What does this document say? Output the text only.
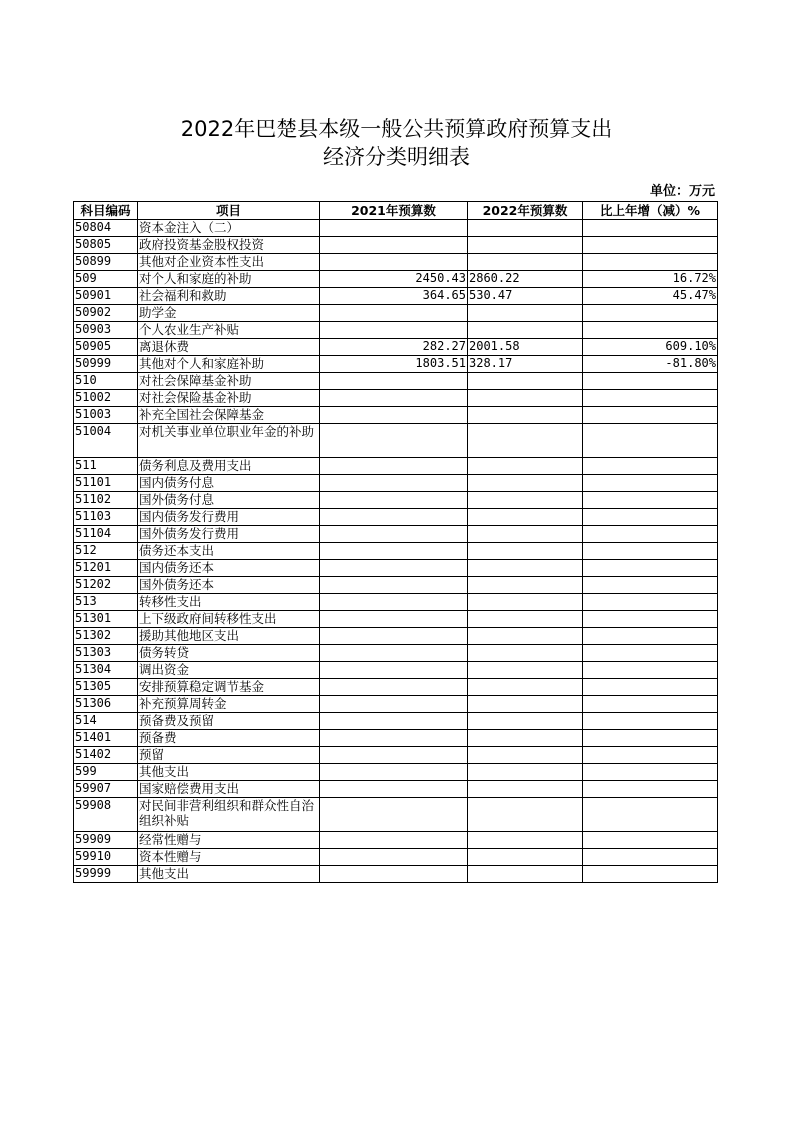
2022年巴楚县本级一般公共预算政府预算支出
经济分类明细表
单位：万元
科目编码	项目	2021年预算数	2022年预算数	比上年增（减）%
50804	资本金注入（二）			
50805	政府投资基金股权投资			
50899	其他对企业资本性支出			
509	对个人和家庭的补助	2450.43	2860.22	16.72%
50901	社会福利和救助	364.65	530.47	45.47%
50902	助学金			
50903	个人农业生产补贴			
50905	离退休费	282.27	2001.58	609.10%
50999	其他对个人和家庭补助	1803.51	328.17	-81.80%
510	对社会保障基金补助			
51002	对社会保险基金补助			
51003	补充全国社会保障基金			
51004	对机关事业单位职业年金的补助			
511	债务利息及费用支出			
51101	国内债务付息			
51102	国外债务付息			
51103	国内债务发行费用			
51104	国外债务发行费用			
512	债务还本支出			
51201	国内债务还本			
51202	国外债务还本			
513	转移性支出			
51301	上下级政府间转移性支出			
51302	援助其他地区支出			
51303	债务转贷			
51304	调出资金			
51305	安排预算稳定调节基金			
51306	补充预算周转金			
514	预备费及预留			
51401	预备费			
51402	预留			
599	其他支出			
59907	国家赔偿费用支出			
59908	对民间非营利组织和群众性自治组织补贴			
59909	经常性赠与			
59910	资本性赠与			
59999	其他支出			
